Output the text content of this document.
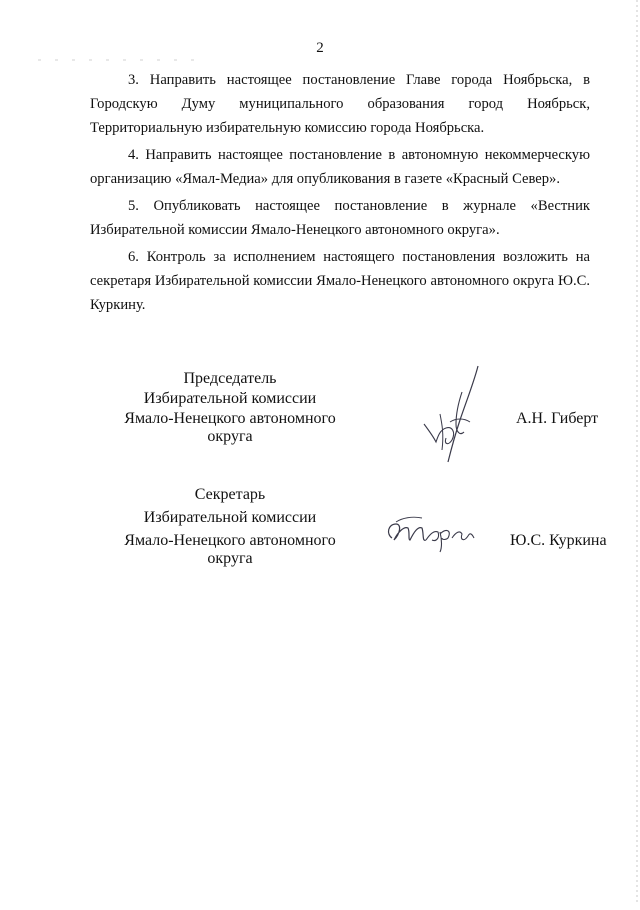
2

3. Направить настоящее постановление Главе города Ноябрьска, в Городскую Думу муниципального образования город Ноябрьск, Территориальную избирательную комиссию города Ноябрьска.

4. Направить настоящее постановление в автономную некоммерческую организацию «Ямал-Медиа» для опубликования в газете «Красный Север».

5. Опубликовать настоящее постановление в журнале «Вестник Избирательной комиссии Ямало-Ненецкого автономного округа».

6. Контроль за исполнением настоящего постановления возложить на секретаря Избирательной комиссии Ямало-Ненецкого автономного округа Ю.С. Куркину.

Председатель
Избирательной комиссии
Ямало-Ненецкого автономного округа
А.Н. Гиберт
Секретарь
Избирательной комиссии
Ямало-Ненецкого автономного округа
Ю.С. Куркина
